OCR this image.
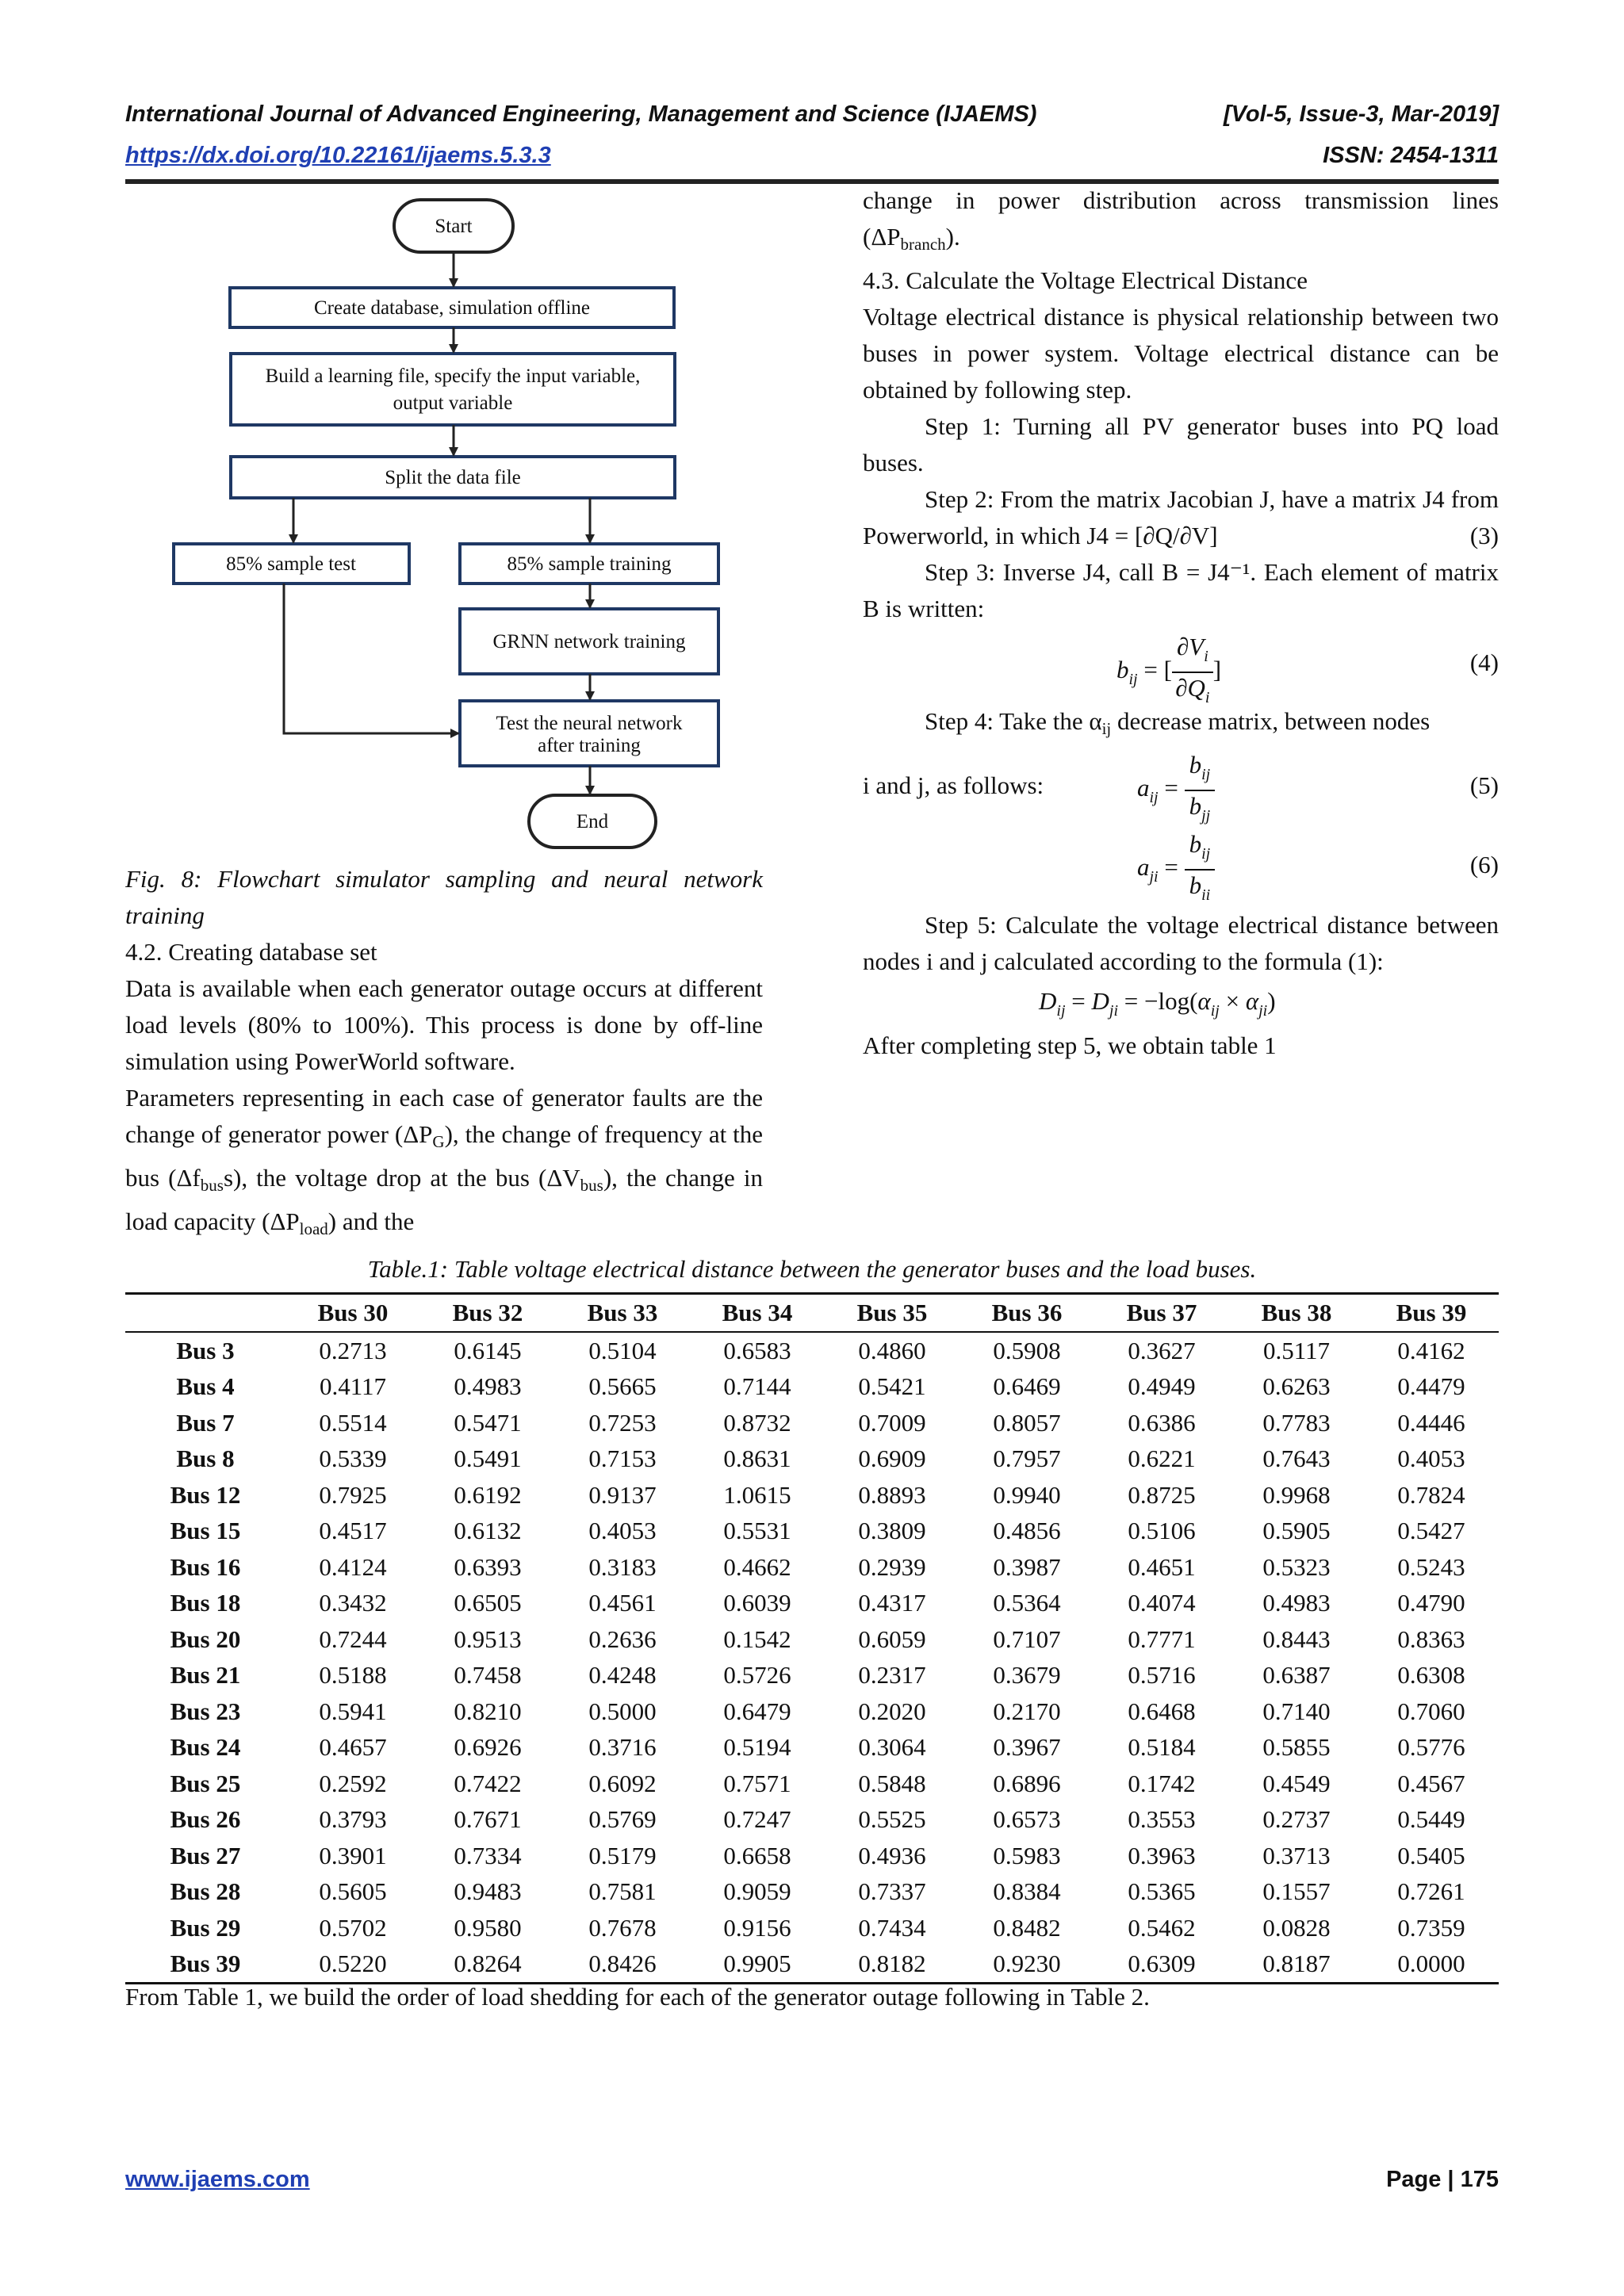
International Journal of Advanced Engineering, Management and Science (IJAEMS)	[Vol-5, Issue-3, Mar-2019]
https://dx.doi.org/10.22161/ijaems.5.3.3	ISSN: 2454-1311
Start
Create database, simulation offline
Build a learning file, specify the input variable,
output variable
Split the data file
85% sample test	85% sample training
GRNN network training
Test the neural network
after training
End

Fig. 8: Flowchart simulator sampling and neural network training

4.2. Creating database set

Data is available when each generator outage occurs at different load levels (80% to 100%). This process is done by off-line simulation using PowerWorld software.

Parameters representing in each case of generator faults are the change of generator power $(\Delta P_G)$, the change of frequency at the bus $(\Delta f_{bus}s)$, the voltage drop at the bus $(\Delta V_{bus})$, the change in load capacity $(\Delta P_{load})$ and the

change in power distribution across transmission lines $(\Delta P_{branch})$.

4.3. Calculate the Voltage Electrical Distance

Voltage electrical distance is physical relationship between two buses in power system. Voltage electrical distance can be obtained by following step.

Step 1: Turning all PV generator buses into PQ load buses.

Step 2: From the matrix Jacobian J, have a matrix J4 from Powerworld, in which J4 = [∂Q/∂V]	(3)

Step 3: Inverse J4, call B = J4⁻¹. Each element of matrix B is written:

$b_{ij}$ = [ $\frac{\partial V_i}{\partial Q_i}$ ]	(4)

Step 4: Take the $\alpha_{ij}$ decrease matrix, between nodes

i and j, as follows:	$a_{ij} = \frac{b_{ij}}{b_{jj}}$	(5)
$a_{ji} = \frac{b_{ij}}{b_{ii}}$	(6)

Step 5: Calculate the voltage electrical distance between nodes i and j calculated according to the formula (1):

$D_{ij} = D_{ji} = -\log(\alpha_{ij} \times \alpha_{ji})$

After completing step 5, we obtain table 1

Table.1: Table voltage electrical distance between the generator buses and the load buses.
	Bus 30	Bus 32	Bus 33	Bus 34	Bus 35	Bus 36	Bus 37	Bus 38	Bus 39
Bus 3	0.2713	0.6145	0.5104	0.6583	0.4860	0.5908	0.3627	0.5117	0.4162
Bus 4	0.4117	0.4983	0.5665	0.7144	0.5421	0.6469	0.4949	0.6263	0.4479
Bus 7	0.5514	0.5471	0.7253	0.8732	0.7009	0.8057	0.6386	0.7783	0.4446
Bus 8	0.5339	0.5491	0.7153	0.8631	0.6909	0.7957	0.6221	0.7643	0.4053
Bus 12	0.7925	0.6192	0.9137	1.0615	0.8893	0.9940	0.8725	0.9968	0.7824
Bus 15	0.4517	0.6132	0.4053	0.5531	0.3809	0.4856	0.5106	0.5905	0.5427
Bus 16	0.4124	0.6393	0.3183	0.4662	0.2939	0.3987	0.4651	0.5323	0.5243
Bus 18	0.3432	0.6505	0.4561	0.6039	0.4317	0.5364	0.4074	0.4983	0.4790
Bus 20	0.7244	0.9513	0.2636	0.1542	0.6059	0.7107	0.7771	0.8443	0.8363
Bus 21	0.5188	0.7458	0.4248	0.5726	0.2317	0.3679	0.5716	0.6387	0.6308
Bus 23	0.5941	0.8210	0.5000	0.6479	0.2020	0.2170	0.6468	0.7140	0.7060
Bus 24	0.4657	0.6926	0.3716	0.5194	0.3064	0.3967	0.5184	0.5855	0.5776
Bus 25	0.2592	0.7422	0.6092	0.7571	0.5848	0.6896	0.1742	0.4549	0.4567
Bus 26	0.3793	0.7671	0.5769	0.7247	0.5525	0.6573	0.3553	0.2737	0.5449
Bus 27	0.3901	0.7334	0.5179	0.6658	0.4936	0.5983	0.3963	0.3713	0.5405
Bus 28	0.5605	0.9483	0.7581	0.9059	0.7337	0.8384	0.5365	0.1557	0.7261
Bus 29	0.5702	0.9580	0.7678	0.9156	0.7434	0.8482	0.5462	0.0828	0.7359
Bus 39	0.5220	0.8264	0.8426	0.9905	0.8182	0.9230	0.6309	0.8187	0.0000
From Table 1, we build the order of load shedding for each of the generator outage following in Table 2.
www.ijaems.com	Page | 175
